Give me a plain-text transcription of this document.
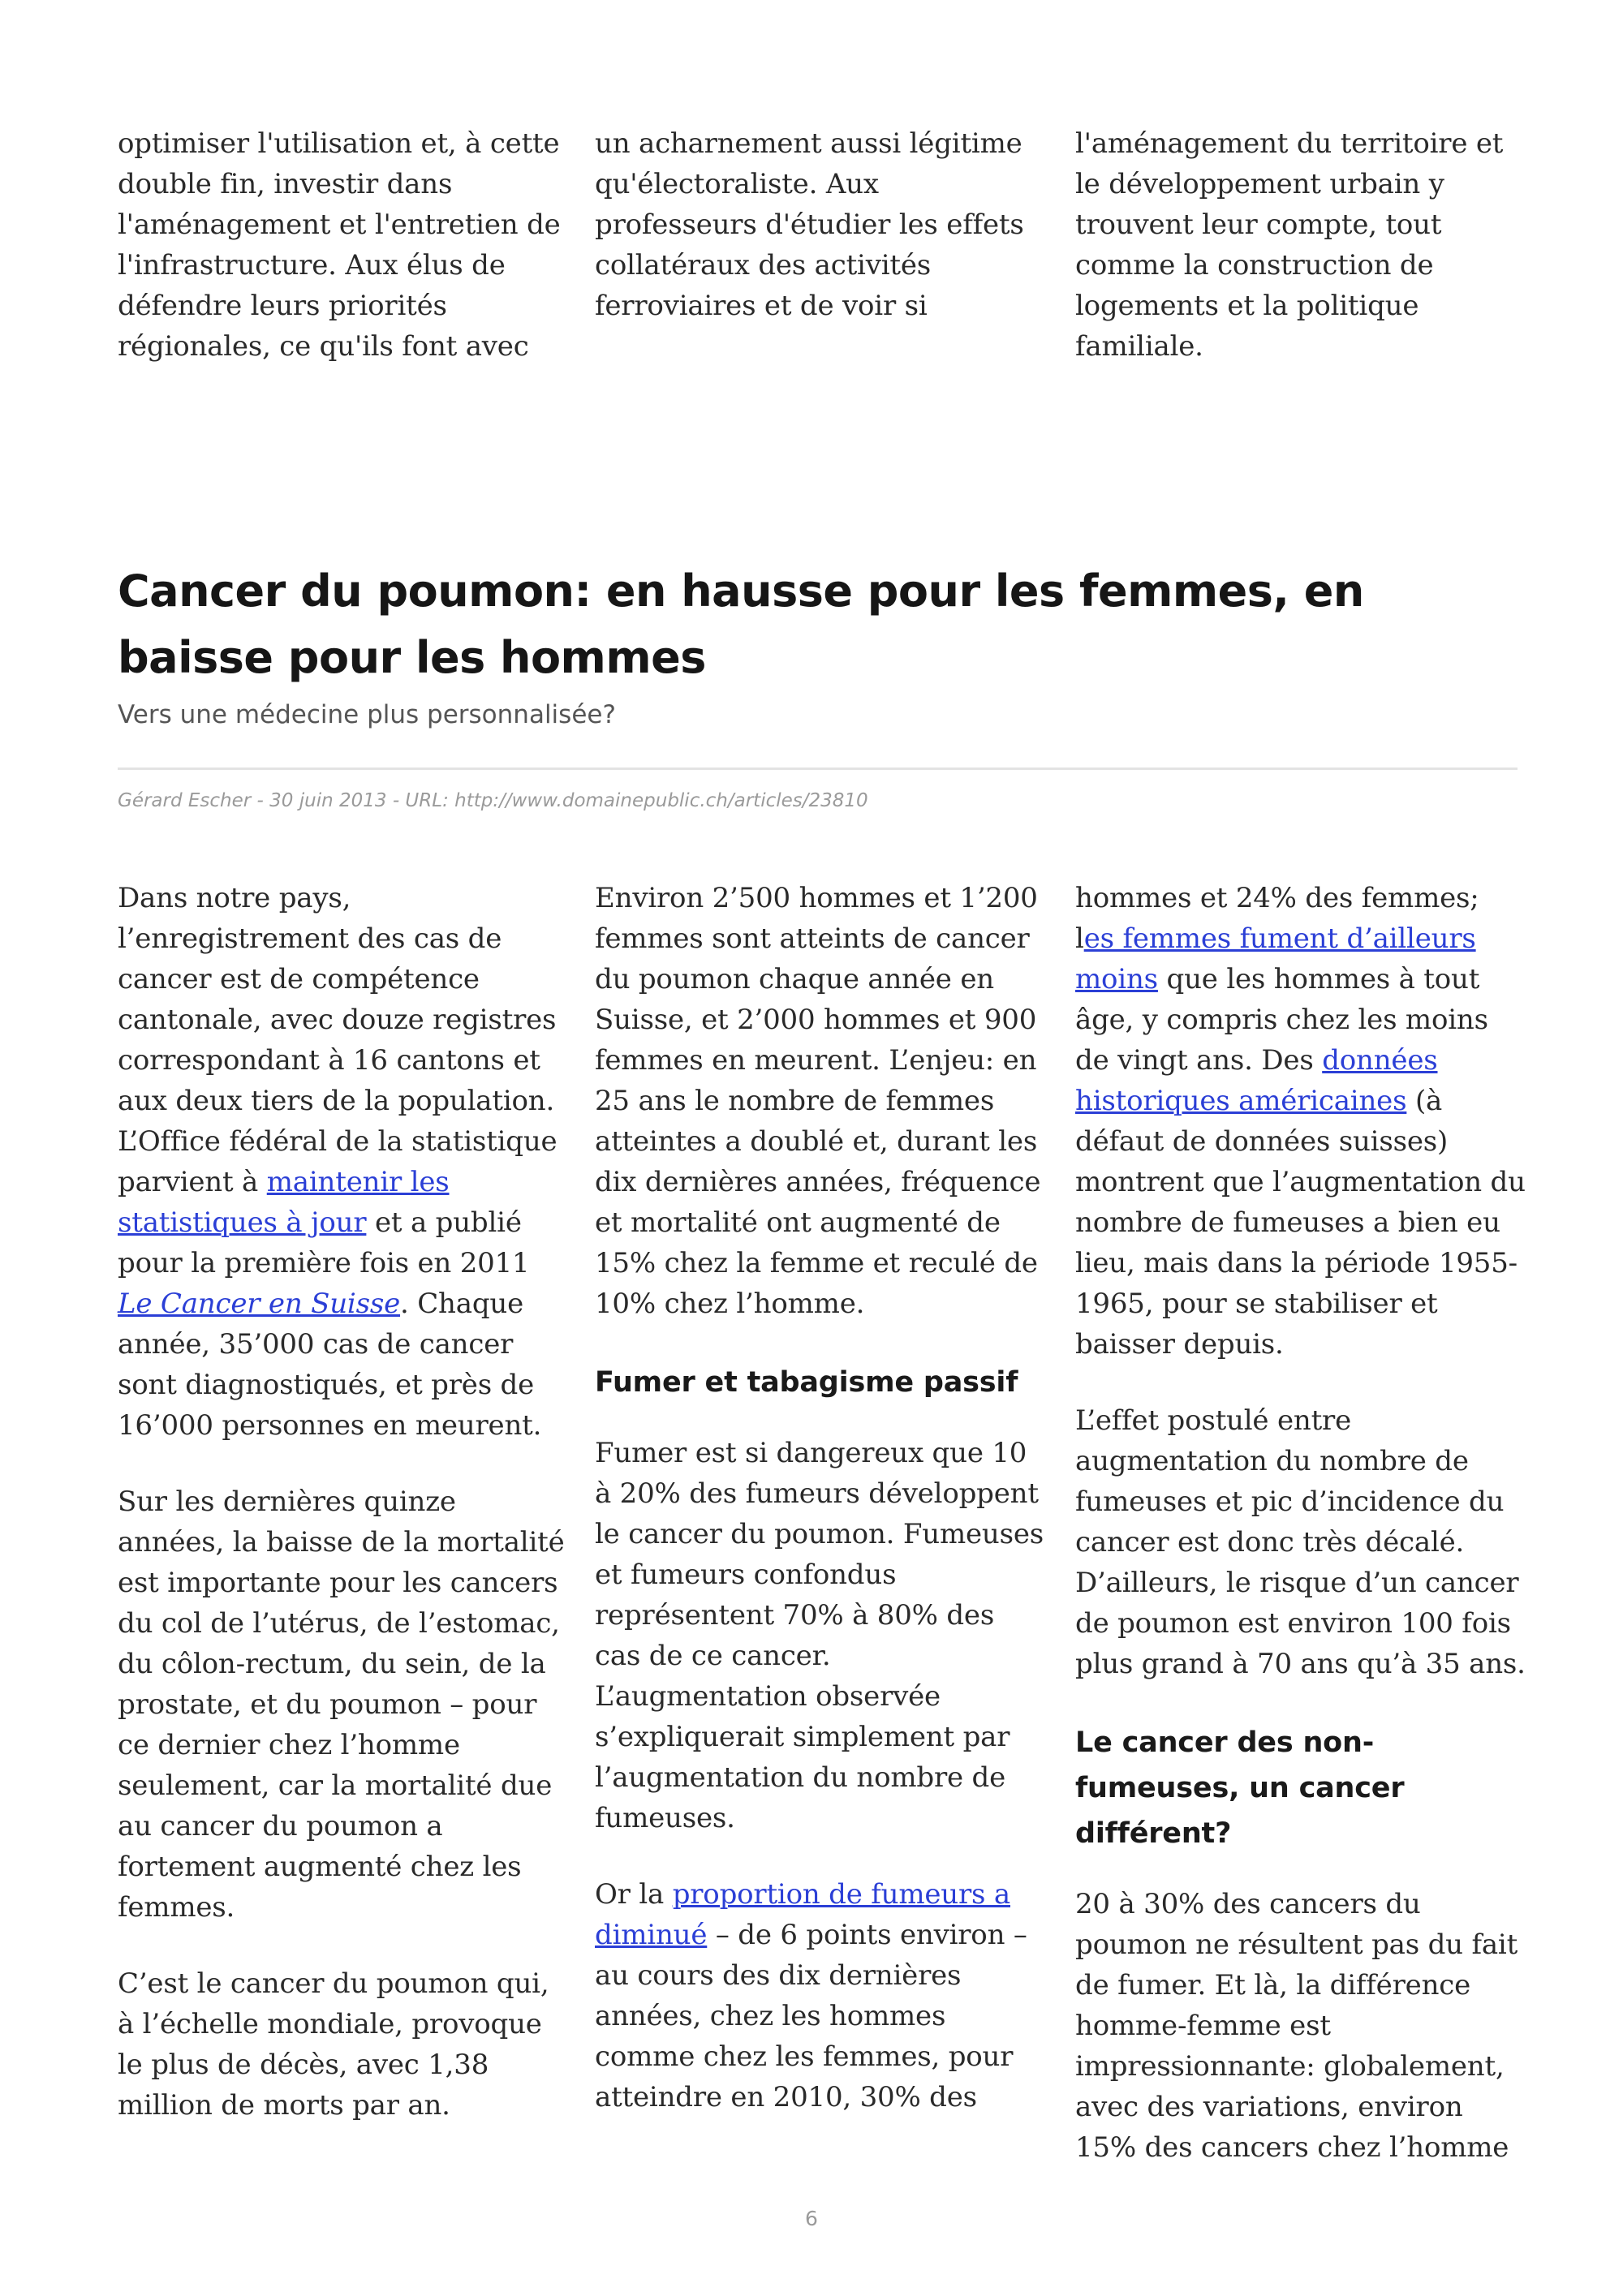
optimiser l'utilisation et, à cette double fin, investir dans l'aménagement et l'entretien de l'infrastructure. Aux élus de défendre leurs priorités régionales, ce qu'ils font avec

un acharnement aussi légitime qu'électoraliste. Aux professeurs d'étudier les effets collatéraux des activités ferroviaires et de voir si

l'aménagement du territoire et le développement urbain y trouvent leur compte, tout comme la construction de logements et la politique familiale.

Cancer du poumon: en hausse pour les femmes, en baisse pour les hommes

Vers une médecine plus personnalisée?

Gérard Escher - 30 juin 2013 - URL: http://www.domainepublic.ch/articles/23810

Dans notre pays, l’enregistrement des cas de cancer est de compétence cantonale, avec douze registres correspondant à 16 cantons et aux deux tiers de la population. L’Office fédéral de la statistique parvient à maintenir les statistiques à jour et a publié pour la première fois en 2011 Le Cancer en Suisse. Chaque année, 35’000 cas de cancer sont diagnostiqués, et près de 16’000 personnes en meurent.

Sur les dernières quinze années, la baisse de la mortalité est importante pour les cancers du col de l’utérus, de l’estomac, du côlon-rectum, du sein, de la prostate, et du poumon – pour ce dernier chez l’homme seulement, car la mortalité due au cancer du poumon a fortement augmenté chez les femmes.

C’est le cancer du poumon qui, à l’échelle mondiale, provoque le plus de décès, avec 1,38 million de morts par an.

Environ 2’500 hommes et 1’200 femmes sont atteints de cancer du poumon chaque année en Suisse, et 2’000 hommes et 900 femmes en meurent. L’enjeu: en 25 ans le nombre de femmes atteintes a doublé et, durant les dix dernières années, fréquence et mortalité ont augmenté de 15% chez la femme et reculé de 10% chez l’homme.

Fumer et tabagisme passif

Fumer est si dangereux que 10 à 20% des fumeurs développent le cancer du poumon. Fumeuses et fumeurs confondus représentent 70% à 80% des cas de ce cancer. L’augmentation observée s’expliquerait simplement par l’augmentation du nombre de fumeuses.

Or la proportion de fumeurs a diminué – de 6 points environ – au cours des dix dernières années, chez les hommes comme chez les femmes, pour atteindre en 2010, 30% des

hommes et 24% des femmes; les femmes fument d’ailleurs moins que les hommes à tout âge, y compris chez les moins de vingt ans. Des données historiques américaines (à défaut de données suisses) montrent que l’augmentation du nombre de fumeuses a bien eu lieu, mais dans la période 1955-1965, pour se stabiliser et baisser depuis.

L’effet postulé entre augmentation du nombre de fumeuses et pic d’incidence du cancer est donc très décalé. D’ailleurs, le risque d’un cancer de poumon est environ 100 fois plus grand à 70 ans qu’à 35 ans.

Le cancer des non-fumeuses, un cancer différent?

20 à 30% des cancers du poumon ne résultent pas du fait de fumer. Et là, la différence homme-femme est impressionnante: globalement, avec des variations, environ 15% des cancers chez l’homme

6
